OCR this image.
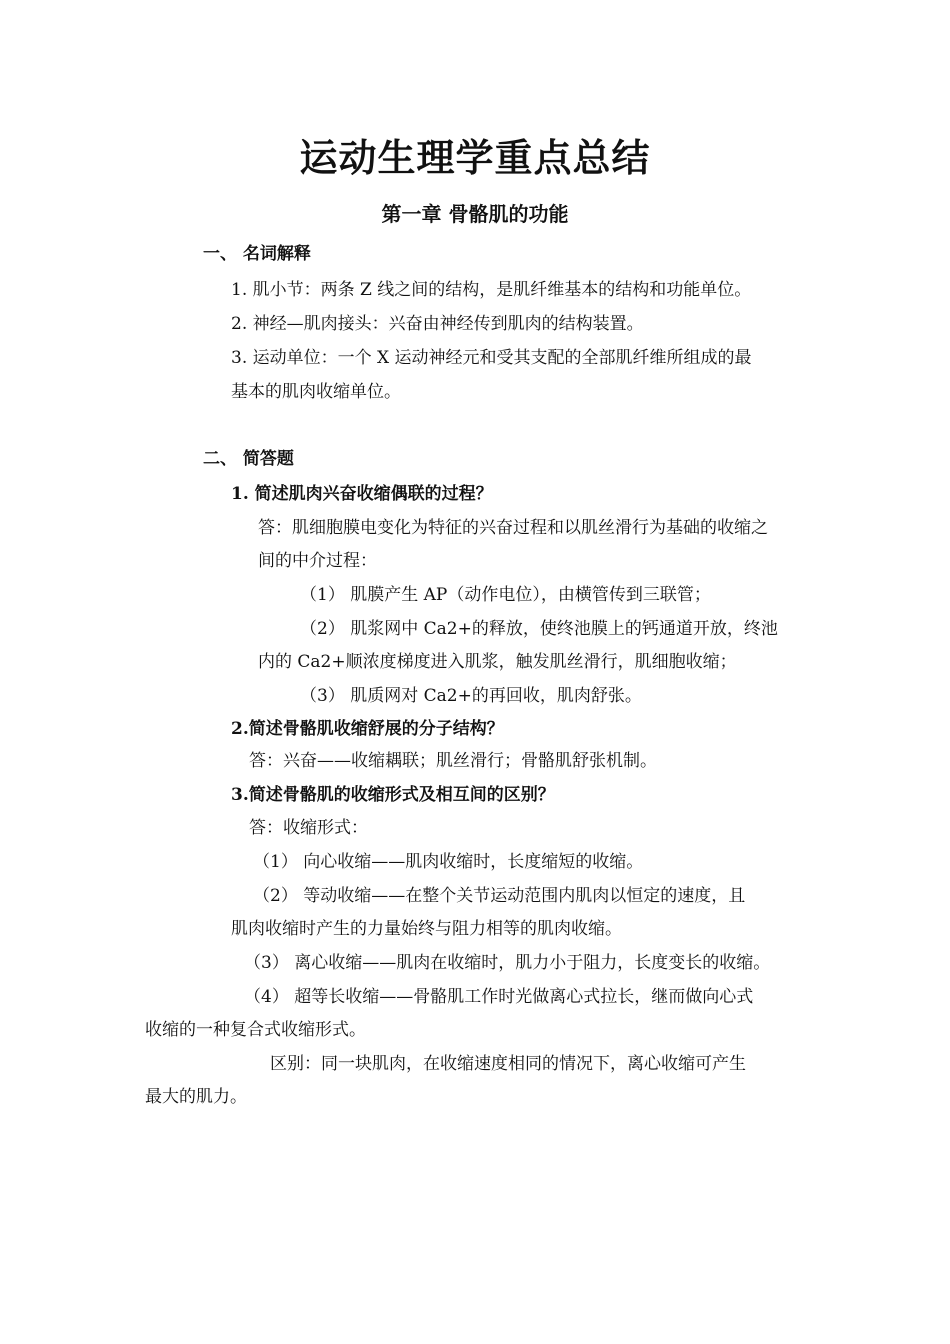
运动生理学重点总结
第一章 骨骼肌的功能
一、 名词解释
1. 肌小节：两条 Z 线之间的结构，是肌纤维基本的结构和功能单位。
2. 神经—肌肉接头：兴奋由神经传到肌肉的结构装置。
3. 运动单位：一个 X 运动神经元和受其支配的全部肌纤维所组成的最
基本的肌肉收缩单位。
二、 简答题
1. 简述肌肉兴奋收缩偶联的过程？
答：肌细胞膜电变化为特征的兴奋过程和以肌丝滑行为基础的收缩之
间的中介过程：
（1） 肌膜产生 AP（动作电位），由横管传到三联管；
（2） 肌浆网中 Ca2+的释放，使终池膜上的钙通道开放，终池
内的 Ca2+顺浓度梯度进入肌浆，触发肌丝滑行，肌细胞收缩；
（3） 肌质网对 Ca2+的再回收，肌肉舒张。
2.简述骨骼肌收缩舒展的分子结构？
答：兴奋——收缩耦联；肌丝滑行；骨骼肌舒张机制。
3.简述骨骼肌的收缩形式及相互间的区别？
答：收缩形式：
（1） 向心收缩——肌肉收缩时，长度缩短的收缩。
（2） 等动收缩——在整个关节运动范围内肌肉以恒定的速度，且
肌肉收缩时产生的力量始终与阻力相等的肌肉收缩。
（3） 离心收缩——肌肉在收缩时，肌力小于阻力，长度变长的收缩。
（4） 超等长收缩——骨骼肌工作时光做离心式拉长，继而做向心式
收缩的一种复合式收缩形式。
区别：同一块肌肉，在收缩速度相同的情况下，离心收缩可产生
最大的肌力。
